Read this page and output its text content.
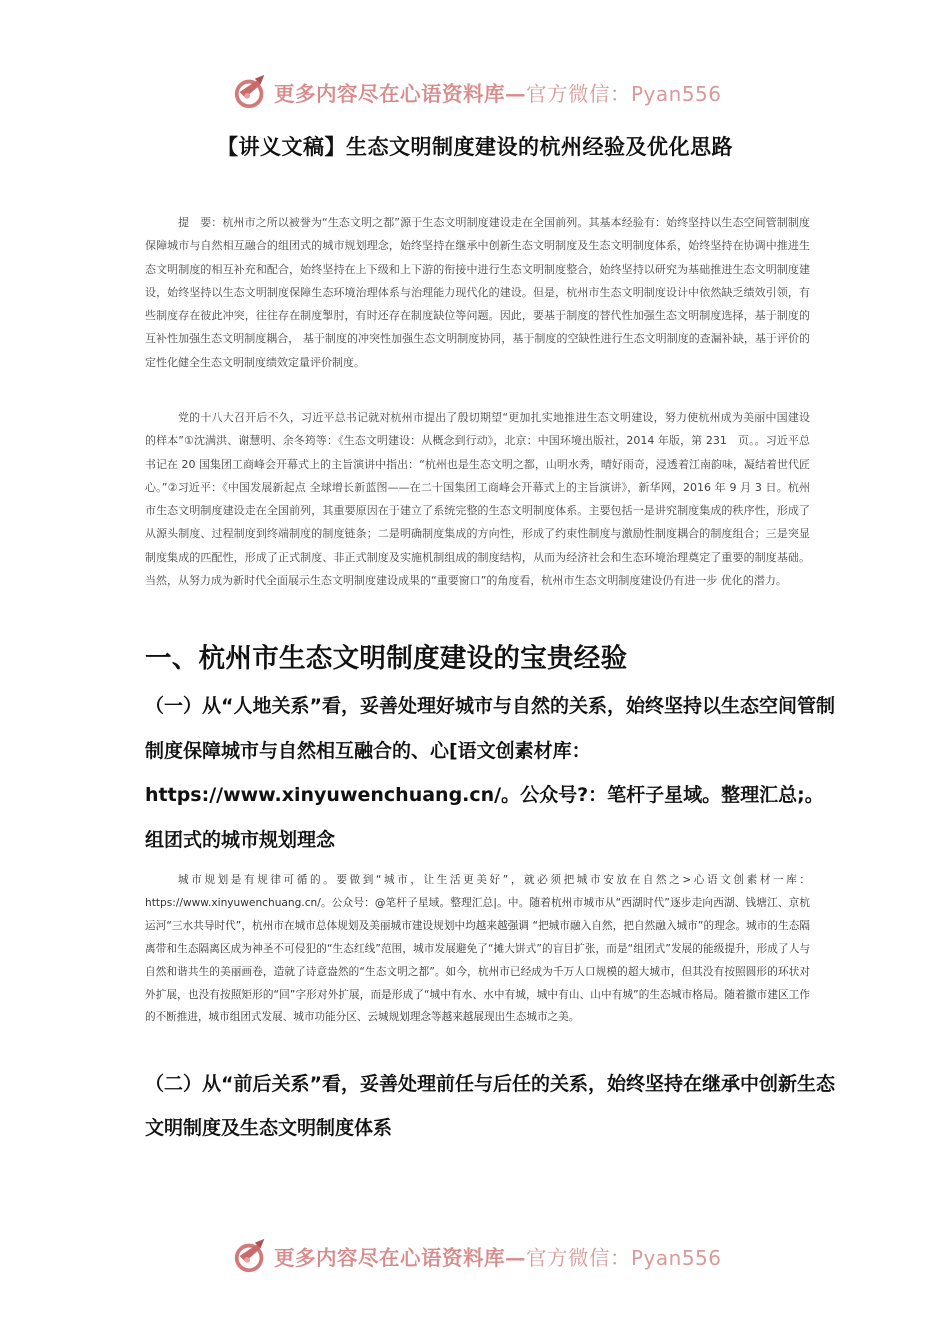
更多内容尽在心语资料库—官方微信：Pyan556
【讲义文稿】生态文明制度建设的杭州经验及优化思路

提　要：杭州市之所以被誉为“生态文明之都”源于生态文明制度建设走在全国前列。其基本经验有：始终坚持以生态空间管制制度保障城市与自然相互融合的组团式的城市规划理念，始终坚持在继承中创新生态文明制度及生态文明制度体系，始终坚持在协调中推进生态文明制度的相互补充和配合，始终坚持在上下级和上下游的衔接中进行生态文明制度整合，始终坚持以研究为基础推进生态文明制度建设，始终坚持以生态文明制度保障生态环境治理体系与治理能力现代化的建设。但是，杭州市生态文明制度设计中依然缺乏绩效引领，有些制度存在彼此冲突，往往存在制度掣肘，有时还存在制度缺位等问题。因此，要基于制度的替代性加强生态文明制度选择，基于制度的互补性加强生态文明制度耦合， 基于制度的冲突性加强生态文明制度协同，基于制度的空缺性进行生态文明制度的查漏补缺，基于评价的定性化健全生态文明制度绩效定量评价制度。

党的十八大召开后不久，习近平总书记就对杭州市提出了殷切期望“更加扎实地推进生态文明建设，努力使杭州成为美丽中国建设的样本”①沈满洪、谢慧明、余冬筠等：《生态文明建设：从概念到行动》，北京：中国环境出版社，2014 年版，第 231　页。。习近平总书记在 20 国集团工商峰会开幕式上的主旨演讲中指出：“杭州也是生态文明之都，山明水秀，晴好雨奇，浸透着江南韵味，凝结着世代匠心。”②习近平：《中国发展新起点 全球增长新蓝图——在二十国集团工商峰会开幕式上的主旨演讲》，新华网，2016 年 9 月 3 日。杭州市生态文明制度建设走在全国前列，其重要原因在于建立了系统完整的生态文明制度体系。主要包括一是讲究制度集成的秩序性，形成了从源头制度、过程制度到终端制度的制度链条；二是明确制度集成的方向性，形成了约束性制度与激励性制度耦合的制度组合；三是突显制度集成的匹配性，形成了正式制度、非正式制度及实施机制组成的制度结构，从而为经济社会和生态环境治理奠定了重要的制度基础。当然，从努力成为新时代全面展示生态文明制度建设成果的“重要窗口”的角度看，杭州市生态文明制度建设仍有进一步 优化的潜力。

一、杭州市生态文明制度建设的宝贵经验
（一）从“人地关系”看，妥善处理好城市与自然的关系，始终坚持以生态空间管制制度保障城市与自然相互融合的、心[语文创素材库：https://www.xinyuwenchuang.cn/。公众号?：笔杆子星域。整理汇总;。组团式的城市规划理念

城市规划是有规律可循的。要做到“城市，让生活更美好”，就必须把城市安放在自然之>心语文创素材一库：https://www.xinyuwenchuang.cn/。公众号：@笔杆子星域。整理汇总|。中。随着杭州市城市从“西湖时代”逐步走向西湖、钱塘江、京杭运河“三水共导时代”，杭州市在城市总体规划及美丽城市建设规划中均越来越强调 “把城市融入自然，把自然融入城市”的理念。城市的生态隔离带和生态隔离区成为神圣不可侵犯的“生态红线”范围，城市发展避免了“摊大饼式”的盲目扩张，而是“组团式”发展的能级提升，形成了人与自然和谐共生的美丽画卷，造就了诗意盎然的“生态文明之都”。如今，杭州市已经成为千万人口规模的超大城市，但其没有按照圆形的环状对外扩展，也没有按照矩形的“回”字形对外扩展，而是形成了“城中有水、水中有城，城中有山、山中有城”的生态城市格局。随着撤市建区工作的不断推进，城市组团式发展、城市功能分区、云城规划理念等越来越展现出生态城市之美。

（二）从“前后关系”看，妥善处理前任与后任的关系，始终坚持在继承中创新生态文明制度及生态文明制度体系
更多内容尽在心语资料库—官方微信：Pyan556
